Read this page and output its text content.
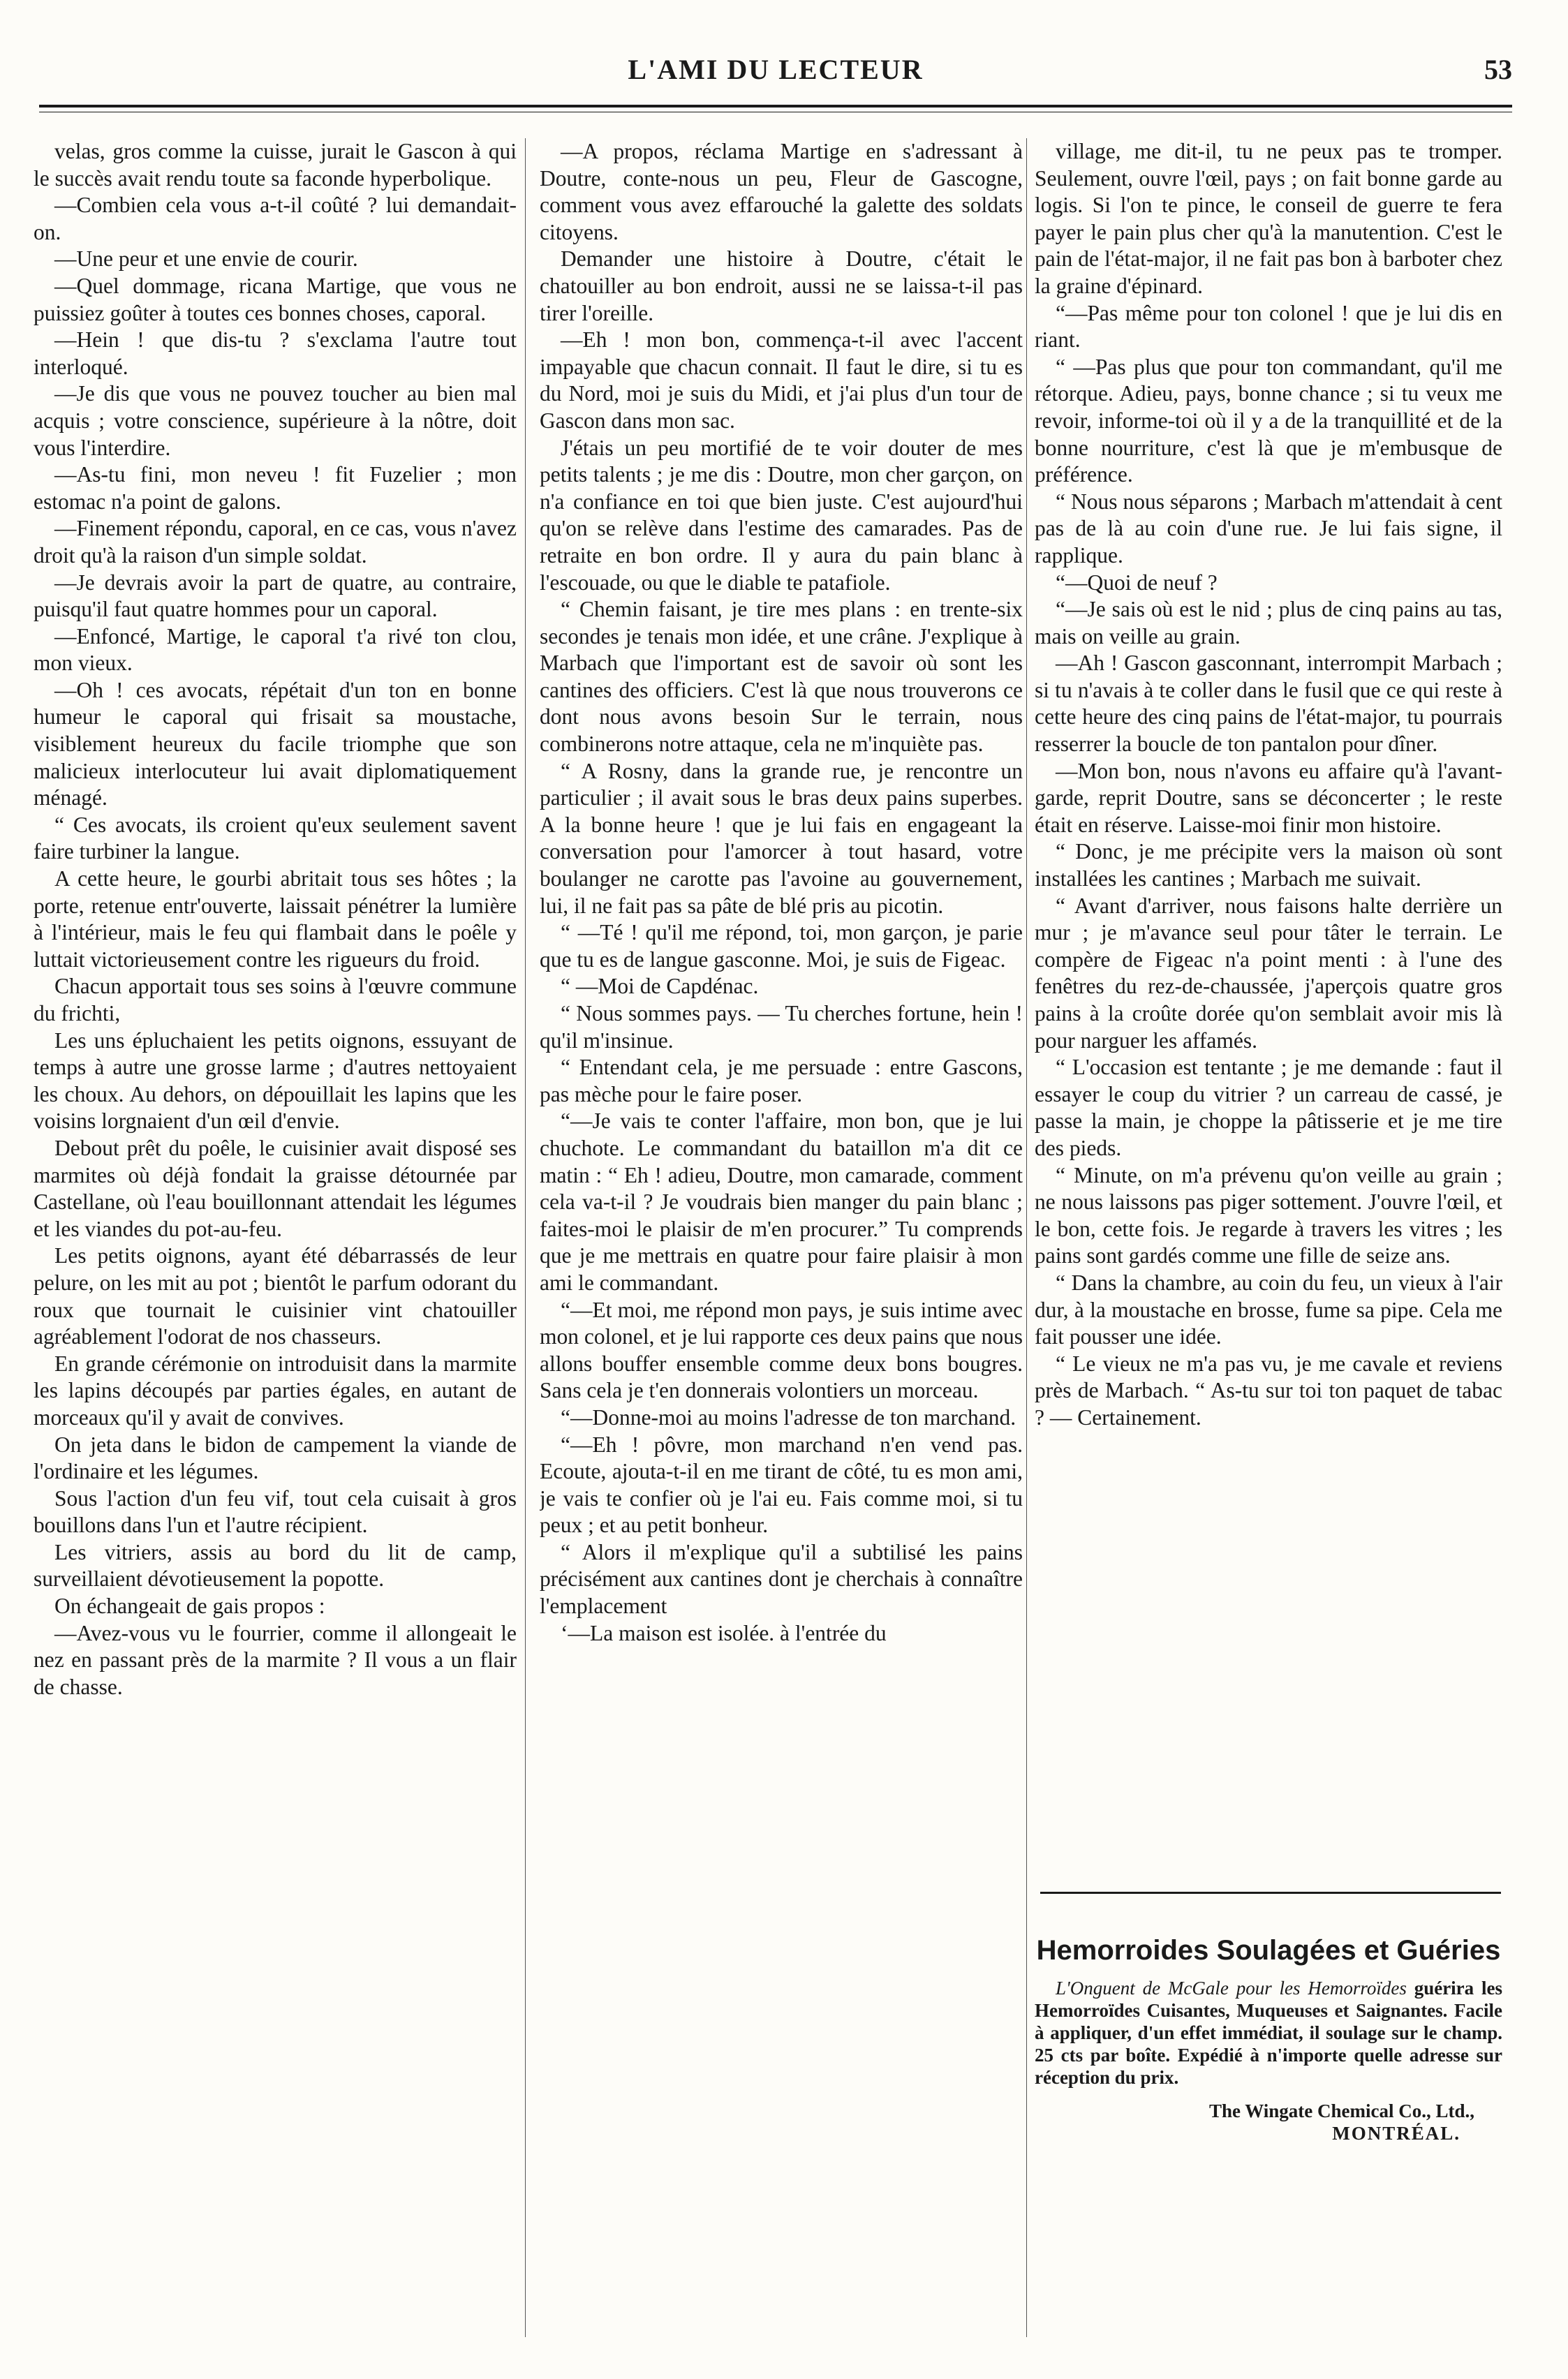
L'AMI DU LECTEUR	53

velas, gros comme la cuisse, jurait le Gascon à qui le succès avait rendu toute sa faconde hyperbolique.

—Combien cela vous a-t-il coûté ? lui demandait-on.

—Une peur et une envie de courir.

—Quel dommage, ricana Martige, que vous ne puissiez goûter à toutes ces bonnes choses, caporal.

—Hein ! que dis-tu ? s'exclama l'autre tout interloqué.

—Je dis que vous ne pouvez toucher au bien mal acquis ; votre conscience, supérieure à la nôtre, doit vous l'interdire.

—As-tu fini, mon neveu ! fit Fuzelier ; mon estomac n'a point de galons.

—Finement répondu, caporal, en ce cas, vous n'avez droit qu'à la raison d'un simple soldat.

—Je devrais avoir la part de quatre, au contraire, puisqu'il faut quatre hommes pour un caporal.

—Enfoncé, Martige, le caporal t'a rivé ton clou, mon vieux.

—Oh ! ces avocats, répétait d'un ton en bonne humeur le caporal qui frisait sa moustache, visiblement heureux du facile triomphe que son malicieux interlocuteur lui avait diplomatiquement ménagé.

“ Ces avocats, ils croient qu'eux seulement savent faire turbiner la langue.

A cette heure, le gourbi abritait tous ses hôtes ; la porte, retenue entr'ouverte, laissait pénétrer la lumière à l'intérieur, mais le feu qui flambait dans le poêle y luttait victorieusement contre les rigueurs du froid.

Chacun apportait tous ses soins à l'œuvre commune du frichti,

Les uns épluchaient les petits oignons, essuyant de temps à autre une grosse larme ; d'autres nettoyaient les choux. Au dehors, on dépouillait les lapins que les voisins lorgnaient d'un œil d'envie.

Debout prêt du poêle, le cuisinier avait disposé ses marmites où déjà fondait la graisse détournée par Castellane, où l'eau bouillonnant attendait les légumes et les viandes du pot-au-feu.

Les petits oignons, ayant été débarrassés de leur pelure, on les mit au pot ; bientôt le parfum odorant du roux que tournait le cuisinier vint chatouiller agréablement l'odorat de nos chasseurs.

En grande cérémonie on introduisit dans la marmite les lapins découpés par parties égales, en autant de morceaux qu'il y avait de convives.

On jeta dans le bidon de campement la viande de l'ordinaire et les légumes.

Sous l'action d'un feu vif, tout cela cuisait à gros bouillons dans l'un et l'autre récipient.

Les vitriers, assis au bord du lit de camp, surveillaient dévotieusement la popotte.

On échangeait de gais propos :

—Avez-vous vu le fourrier, comme il allongeait le nez en passant près de la marmite ? Il vous a un flair de chasse.

—A propos, réclama Martige en s'adressant à Doutre, conte-nous un peu, Fleur de Gascogne, comment vous avez effarouché la galette des soldats citoyens.

Demander une histoire à Doutre, c'était le chatouiller au bon endroit, aussi ne se laissa-t-il pas tirer l'oreille.

—Eh ! mon bon, commença-t-il avec l'accent impayable que chacun connait. Il faut le dire, si tu es du Nord, moi je suis du Midi, et j'ai plus d'un tour de Gascon dans mon sac.

J'étais un peu mortifié de te voir douter de mes petits talents ; je me dis : Doutre, mon cher garçon, on n'a confiance en toi que bien juste. C'est aujourd'hui qu'on se relève dans l'estime des camarades. Pas de retraite en bon ordre. Il y aura du pain blanc à l'escouade, ou que le diable te patafiole.

“ Chemin faisant, je tire mes plans : en trente-six secondes je tenais mon idée, et une crâne. J'explique à Marbach que l'important est de savoir où sont les cantines des officiers. C'est là que nous trouverons ce dont nous avons besoin Sur le terrain, nous combinerons notre attaque, cela ne m'inquiète pas.

“ A Rosny, dans la grande rue, je rencontre un particulier ; il avait sous le bras deux pains superbes. A la bonne heure ! que je lui fais en engageant la conversation pour l'amorcer à tout hasard, votre boulanger ne carotte pas l'avoine au gouvernement, lui, il ne fait pas sa pâte de blé pris au picotin.

“ —Té ! qu'il me répond, toi, mon garçon, je parie que tu es de langue gasconne. Moi, je suis de Figeac.

“ —Moi de Capdénac.

“ Nous sommes pays. — Tu cherches fortune, hein ! qu'il m'insinue.

“ Entendant cela, je me persuade : entre Gascons, pas mèche pour le faire poser.

“—Je vais te conter l'affaire, mon bon, que je lui chuchote. Le commandant du bataillon m'a dit ce matin : “ Eh ! adieu, Doutre, mon camarade, comment cela va-t-il ? Je voudrais bien manger du pain blanc ; faites-moi le plaisir de m'en procurer.” Tu comprends que je me mettrais en quatre pour faire plaisir à mon ami le commandant.

“—Et moi, me répond mon pays, je suis intime avec mon colonel, et je lui rapporte ces deux pains que nous allons bouffer ensemble comme deux bons bougres. Sans cela je t'en donnerais volontiers un morceau.

“—Donne-moi au moins l'adresse de ton marchand.

“—Eh ! pôvre, mon marchand n'en vend pas. Ecoute, ajouta-t-il en me tirant de côté, tu es mon ami, je vais te confier où je l'ai eu. Fais comme moi, si tu peux ; et au petit bonheur.

“ Alors il m'explique qu'il a subtilisé les pains précisément aux cantines dont je cherchais à connaître l'emplacement

‘—La maison est isolée. à l'entrée du

village, me dit-il, tu ne peux pas te tromper. Seulement, ouvre l'œil, pays ; on fait bonne garde au logis. Si l'on te pince, le conseil de guerre te fera payer le pain plus cher qu'à la manutention. C'est le pain de l'état-major, il ne fait pas bon à barboter chez la graine d'épinard.

“—Pas même pour ton colonel ! que je lui dis en riant.

“ —Pas plus que pour ton commandant, qu'il me rétorque. Adieu, pays, bonne chance ; si tu veux me revoir, informe-toi où il y a de la tranquillité et de la bonne nourriture, c'est là que je m'embusque de préférence.

“ Nous nous séparons ; Marbach m'attendait à cent pas de là au coin d'une rue. Je lui fais signe, il rapplique.

“—Quoi de neuf ?

“—Je sais où est le nid ; plus de cinq pains au tas, mais on veille au grain.

—Ah ! Gascon gasconnant, interrompit Marbach ; si tu n'avais à te coller dans le fusil que ce qui reste à cette heure des cinq pains de l'état-major, tu pourrais resserrer la boucle de ton pantalon pour dîner.

—Mon bon, nous n'avons eu affaire qu'à l'avant-garde, reprit Doutre, sans se déconcerter ; le reste était en réserve. Laisse-moi finir mon histoire.

“ Donc, je me précipite vers la maison où sont installées les cantines ; Marbach me suivait.

“ Avant d'arriver, nous faisons halte derrière un mur ; je m'avance seul pour tâter le terrain. Le compère de Figeac n'a point menti : à l'une des fenêtres du rez-de-chaussée, j'aperçois quatre gros pains à la croûte dorée qu'on semblait avoir mis là pour narguer les affamés.

“ L'occasion est tentante ; je me demande : faut il essayer le coup du vitrier ? un carreau de cassé, je passe la main, je choppe la pâtisserie et je me tire des pieds.

“ Minute, on m'a prévenu qu'on veille au grain ; ne nous laissons pas piger sottement. J'ouvre l'œil, et le bon, cette fois. Je regarde à travers les vitres ; les pains sont gardés comme une fille de seize ans.

“ Dans la chambre, au coin du feu, un vieux à l'air dur, à la moustache en brosse, fume sa pipe. Cela me fait pousser une idée.

“ Le vieux ne m'a pas vu, je me cavale et reviens près de Marbach. “ As-tu sur toi ton paquet de tabac ? — Certainement.

Hemorroides Soulagées et Guéries

L'Onguent de McGale pour les Hemorroïdes guérira les Hemorroïdes Cuisantes, Muqueuses et Saignantes. Facile à appliquer, d'un effet immédiat, il soulage sur le champ. 25 cts par boîte. Expédié à n'importe quelle adresse sur réception du prix.

The Wingate Chemical Co., Ltd.,

MONTRÉAL.
